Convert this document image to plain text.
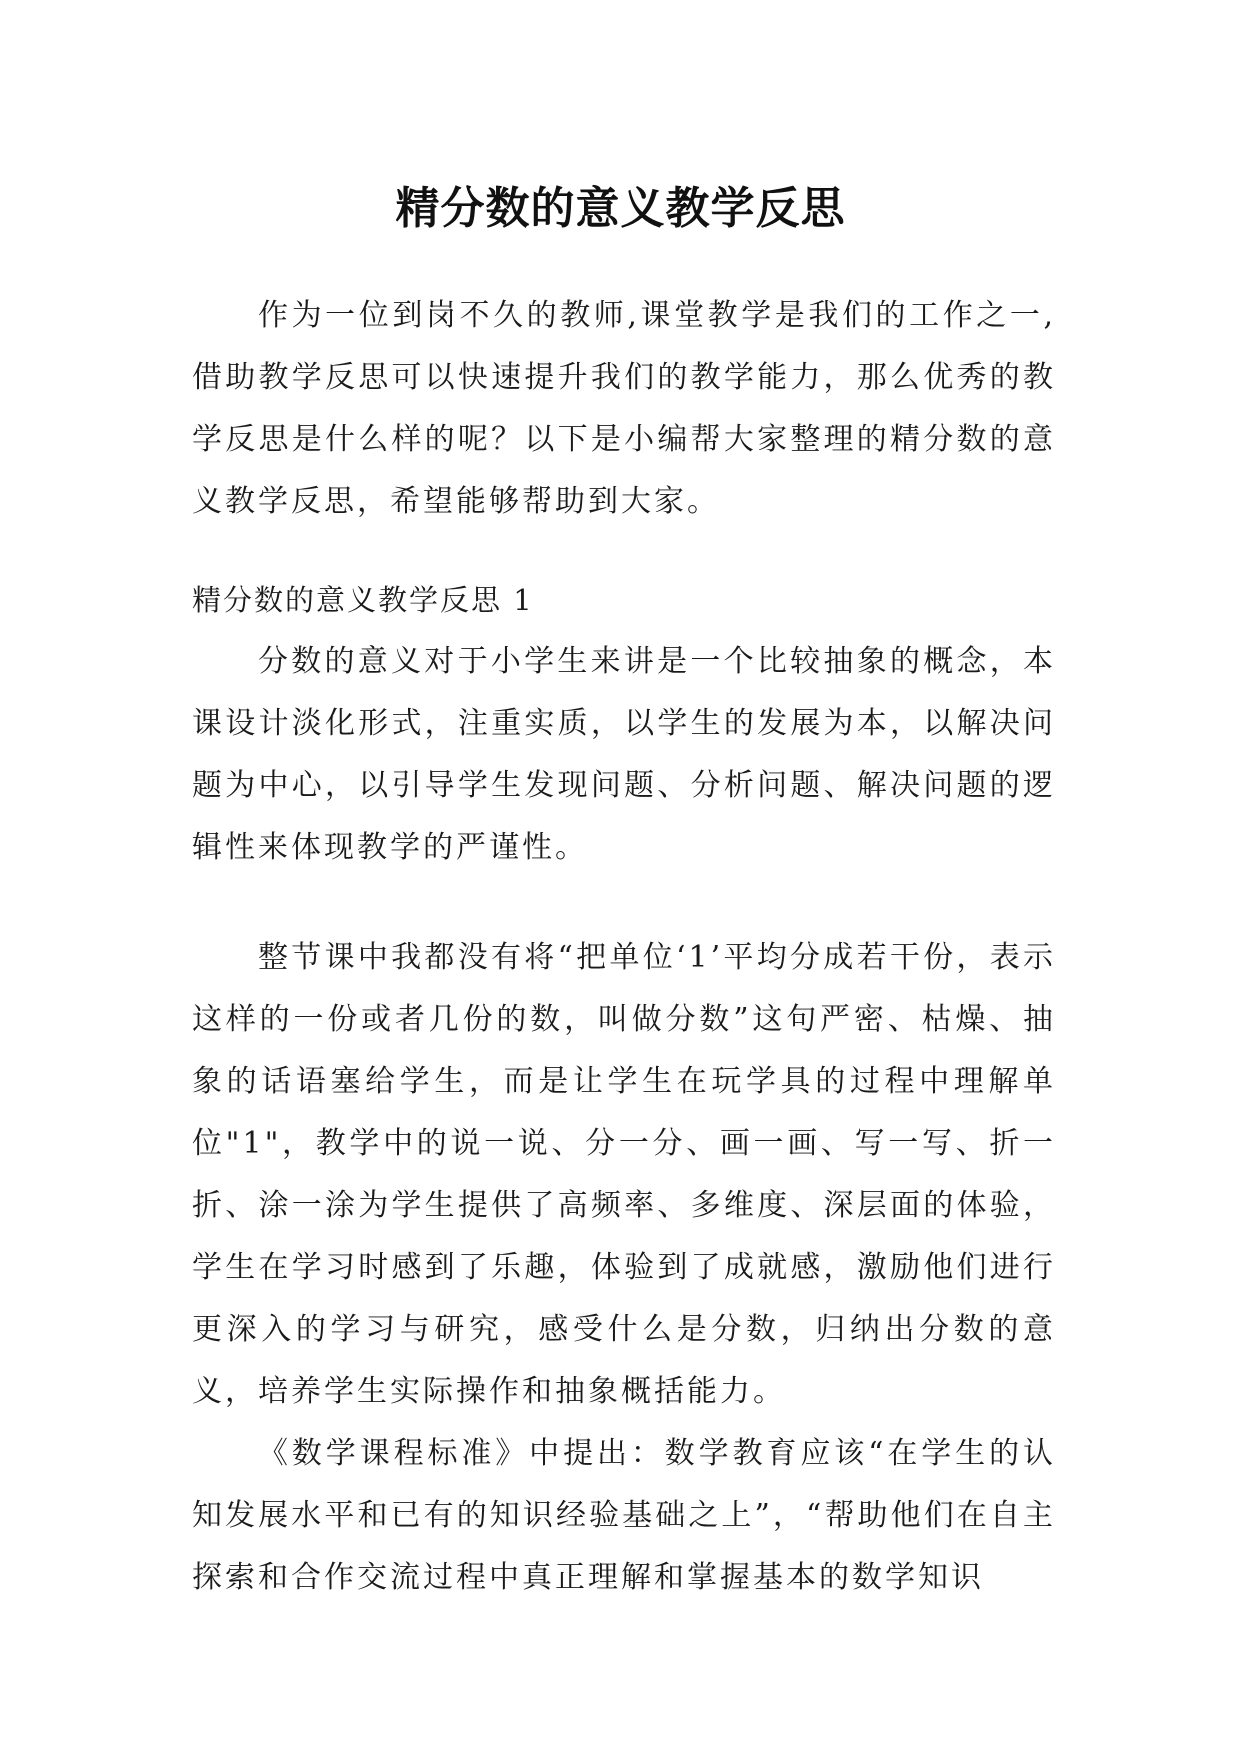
精分数的意义教学反思

作为一位到岗不久的教师,课堂教学是我们的工作之一,借助教学反思可以快速提升我们的教学能力，那么优秀的教学反思是什么样的呢？以下是小编帮大家整理的精分数的意义教学反思，希望能够帮助到大家。

精分数的意义教学反思 1

分数的意义对于小学生来讲是一个比较抽象的概念，本课设计淡化形式，注重实质，以学生的发展为本，以解决问题为中心，以引导学生发现问题、分析问题、解决问题的逻辑性来体现教学的严谨性。

整节课中我都没有将“把单位‘1’平均分成若干份，表示这样的一份或者几份的数，叫做分数”这句严密、枯燥、抽象的话语塞给学生，而是让学生在玩学具的过程中理解单位"1"，教学中的说一说、分一分、画一画、写一写、折一折、涂一涂为学生提供了高频率、多维度、深层面的体验，学生在学习时感到了乐趣，体验到了成就感，激励他们进行更深入的学习与研究，感受什么是分数，归纳出分数的意义，培养学生实际操作和抽象概括能力。

《数学课程标准》中提出：数学教育应该“在学生的认知发展水平和已有的知识经验基础之上”，“帮助他们在自主探索和合作交流过程中真正理解和掌握基本的数学知识
